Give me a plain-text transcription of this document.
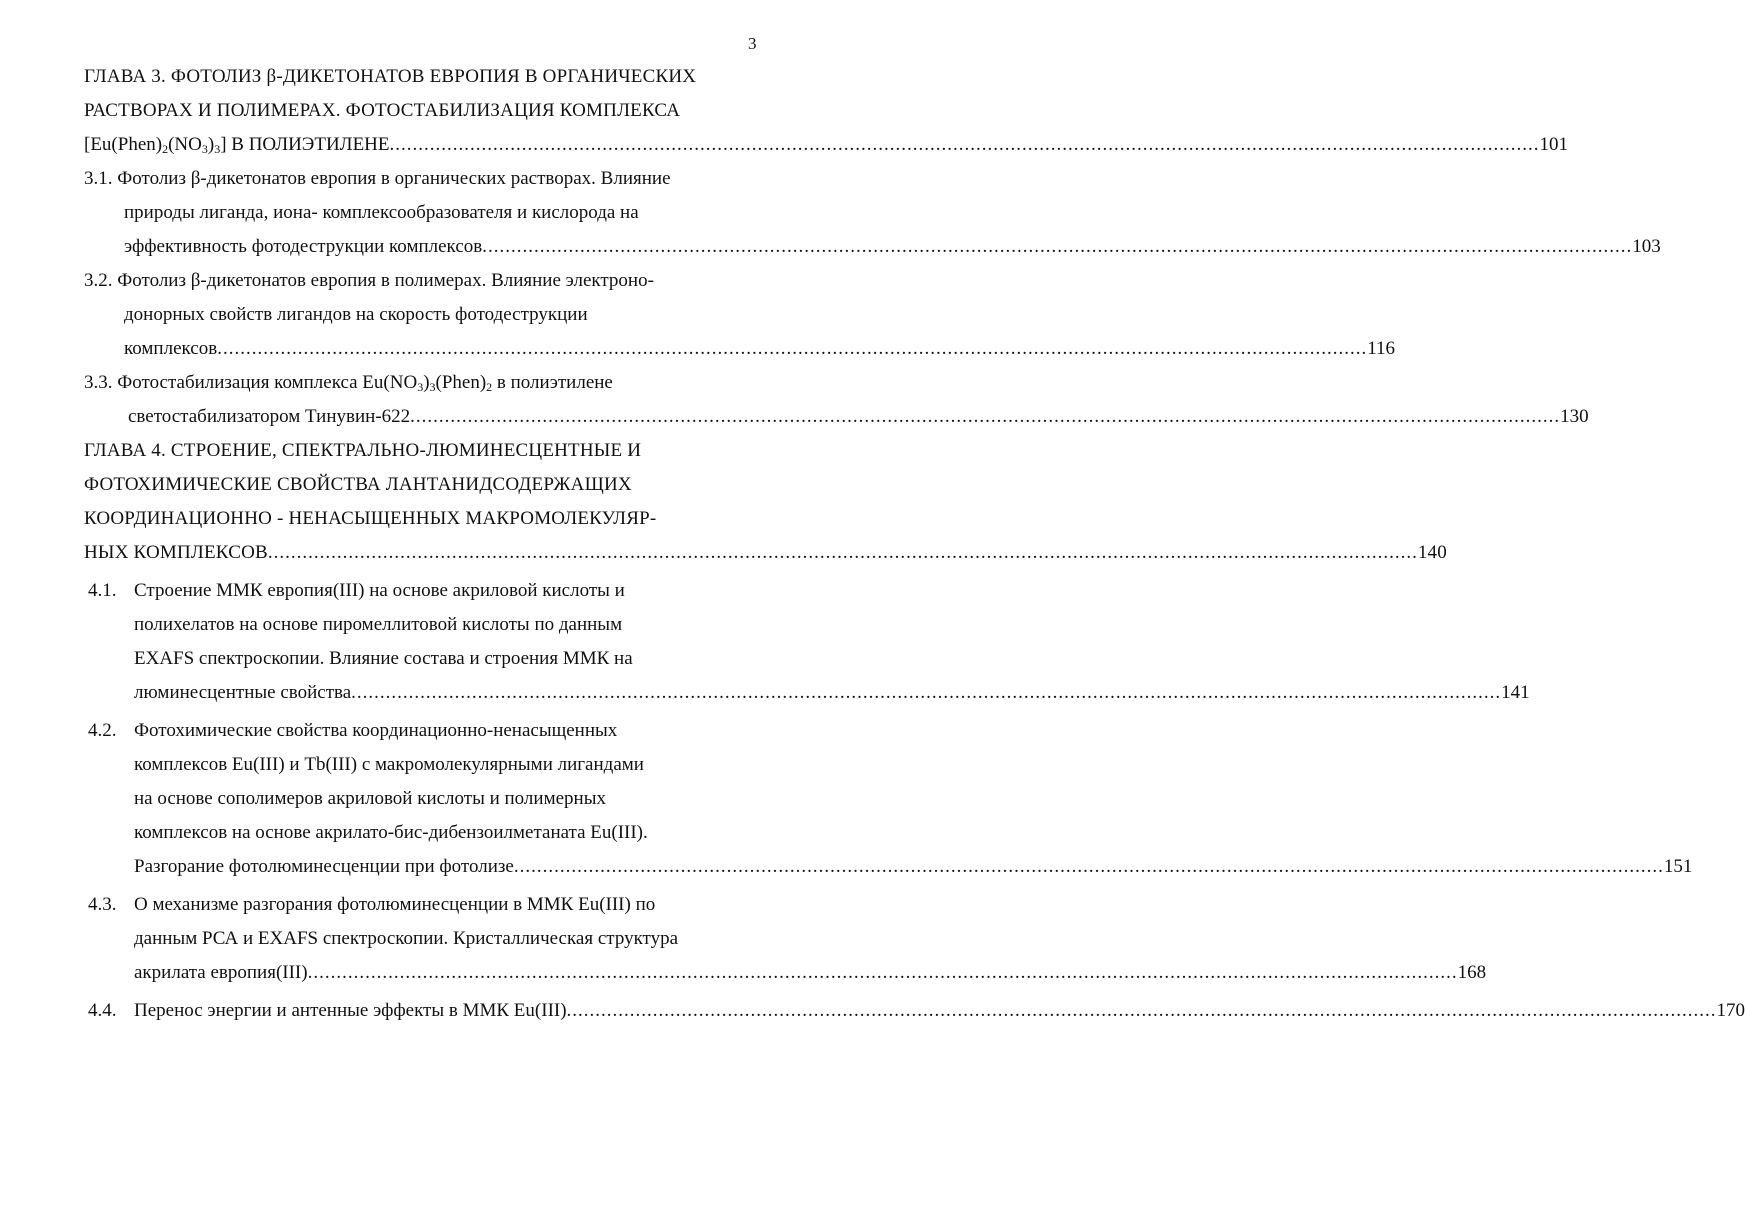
3
ГЛАВА 3. ФОТОЛИЗ β-ДИКЕТОНАТОВ ЕВРОПИЯ В ОРГАНИЧЕСКИХ
РАСТВОРАХ И ПОЛИМЕРАХ. ФОТОСТАБИЛИЗАЦИЯ КОМПЛЕКСА
$[Eu(Phen)_2(NO_3)_3]$ В ПОЛИЭТИЛЕНЕ ........................................................................................................................................................................................................ 101
3.1. Фотолиз β-дикетонатов европия в органических растворах. Влияние
природы лиганда, иона- комплексообразователя и кислорода на
эффективность фотодеструкции комплексов ........................................................................................................................................................................................................ 103
3.2. Фотолиз β-дикетонатов европия в полимерах. Влияние электроно-
донорных свойств лигандов на скорость фотодеструкции
комплексов ........................................................................................................................................................................................................ 116
3.3. Фотостабилизация комплекса $Eu(NO_3)_3(Phen)_2$ в полиэтилене
светостабилизатором Тинувин-622 ........................................................................................................................................................................................................ 130
ГЛАВА 4. СТРОЕНИЕ, СПЕКТРАЛЬНО-ЛЮМИНЕСЦЕНТНЫЕ И
ФОТОХИМИЧЕСКИЕ СВОЙСТВА ЛАНТАНИДСОДЕРЖАЩИХ
КООРДИНАЦИОННО - НЕНАСЫЩЕННЫХ МАКРОМОЛЕКУЛЯР-
НЫХ КОМПЛЕКСОВ ........................................................................................................................................................................................................ 140
4.1. Строение ММК европия(III) на основе акриловой кислоты и
полихелатов на основе пиромеллитовой кислоты по данным
EXAFS спектроскопии. Влияние состава и строения ММК на
люминесцентные свойства ........................................................................................................................................................................................................ 141
4.2. Фотохимические свойства координационно-ненасыщенных
комплексов Eu(III) и Tb(III) с макромолекулярными лигандами
на основе сополимеров акриловой кислоты и полимерных
комплексов на основе акрилато-бис-дибензоилметаната Eu(III).
Разгорание фотолюминесценции при фотолизе ........................................................................................................................................................................................................ 151
4.3. О механизме разгорания фотолюминесценции в ММК Eu(III) по
данным РСА и EXAFS спектроскопии. Кристаллическая структура
акрилата европия(III) ........................................................................................................................................................................................................ 168
4.4. Перенос энергии и антенные эффекты в ММК Eu(III) ........................................................................................................................................................................................................ 170
